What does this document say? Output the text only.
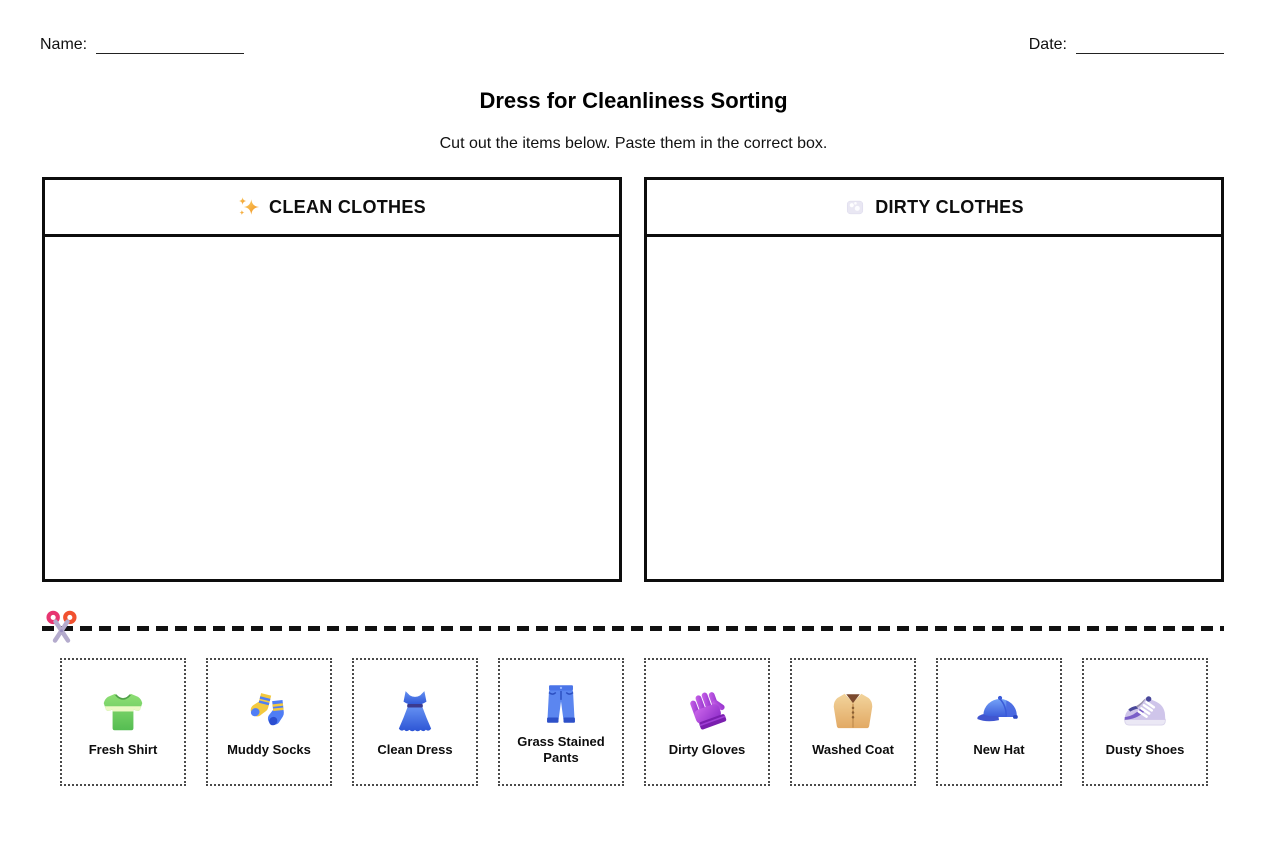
Name:	Date:
Dress for Cleanliness Sorting

Cut out the items below. Paste them in the correct box.

CLEAN CLOTHES	DIRTY CLOTHES
Fresh Shirt	Muddy Socks	Clean Dress
Grass Stained Pants
Dirty Gloves	Washed Coat	New Hat	Dusty Shoes
